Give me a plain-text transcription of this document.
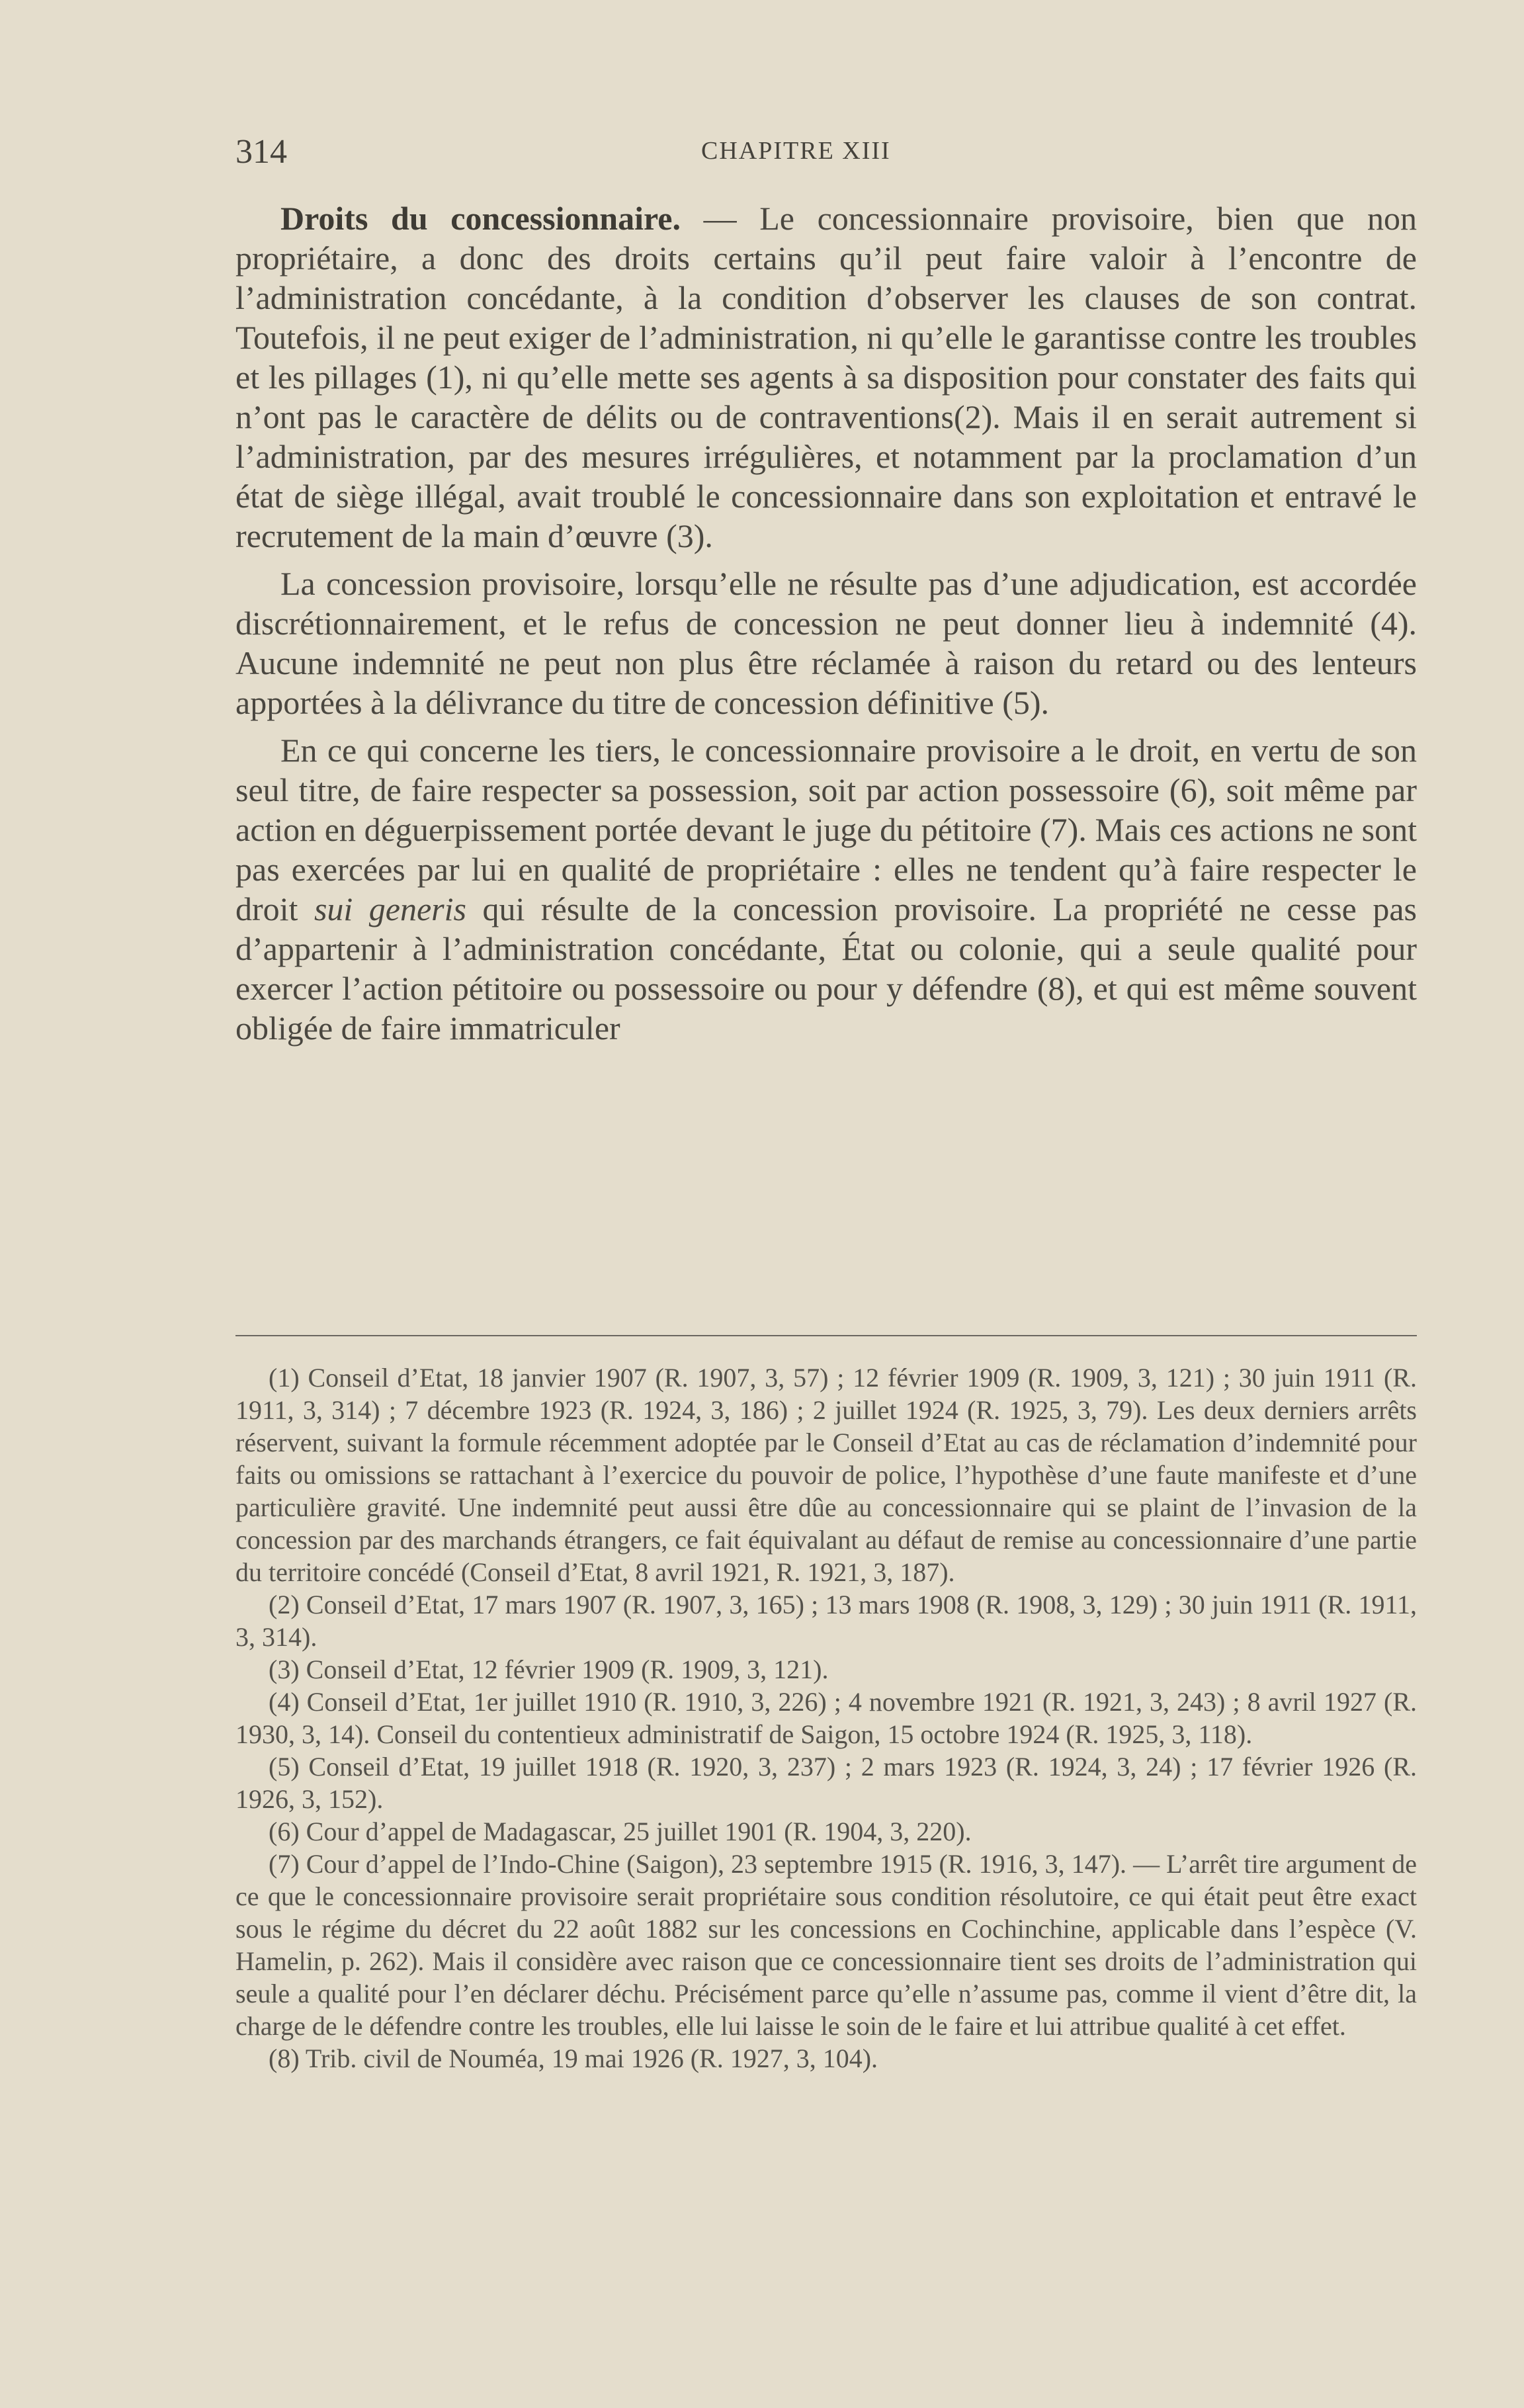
314	CHAPITRE XIII

Droits du concessionnaire. — Le concessionnaire provisoire, bien que non propriétaire, a donc des droits certains qu’il peut faire valoir à l’encontre de l’administration concédante, à la condition d’observer les clauses de son contrat. Toutefois, il ne peut exiger de l’administration, ni qu’elle le garantisse contre les troubles et les pillages (1), ni qu’elle mette ses agents à sa disposition pour constater des faits qui n’ont pas le caractère de délits ou de contraventions(2). Mais il en serait autrement si l’administration, par des mesures irrégulières, et notamment par la proclamation d’un état de siège illégal, avait troublé le concessionnaire dans son exploitation et entravé le recrutement de la main d’œuvre (3).

La concession provisoire, lorsqu’elle ne résulte pas d’une adjudication, est accordée discrétionnairement, et le refus de concession ne peut donner lieu à indemnité (4). Aucune indemnité ne peut non plus être réclamée à raison du retard ou des lenteurs apportées à la délivrance du titre de concession définitive (5).

En ce qui concerne les tiers, le concessionnaire provisoire a le droit, en vertu de son seul titre, de faire respecter sa possession, soit par action possessoire (6), soit même par action en déguerpissement portée devant le juge du pétitoire (7). Mais ces actions ne sont pas exercées par lui en qualité de propriétaire : elles ne tendent qu’à faire respecter le droit sui generis qui résulte de la concession provisoire. La propriété ne cesse pas d’appartenir à l’administration concédante, État ou colonie, qui a seule qualité pour exercer l’action pétitoire ou possessoire ou pour y défendre (8), et qui est même souvent obligée de faire immatriculer

(1) Conseil d’Etat, 18 janvier 1907 (R. 1907, 3, 57) ; 12 février 1909 (R. 1909, 3, 121) ; 30 juin 1911 (R. 1911, 3, 314) ; 7 décembre 1923 (R. 1924, 3, 186) ; 2 juillet 1924 (R. 1925, 3, 79). Les deux derniers arrêts réservent, suivant la formule récemment adoptée par le Conseil d’Etat au cas de réclamation d’indemnité pour faits ou omissions se rattachant à l’exercice du pouvoir de police, l’hypothèse d’une faute manifeste et d’une particulière gravité. Une indemnité peut aussi être dûe au concessionnaire qui se plaint de l’invasion de la concession par des marchands étrangers, ce fait équivalant au défaut de remise au concessionnaire d’une partie du territoire concédé (Conseil d’Etat, 8 avril 1921, R. 1921, 3, 187).

(2) Conseil d’Etat, 17 mars 1907 (R. 1907, 3, 165) ; 13 mars 1908 (R. 1908, 3, 129) ; 30 juin 1911 (R. 1911, 3, 314).

(3) Conseil d’Etat, 12 février 1909 (R. 1909, 3, 121).

(4) Conseil d’Etat, 1er juillet 1910 (R. 1910, 3, 226) ; 4 novembre 1921 (R. 1921, 3, 243) ; 8 avril 1927 (R. 1930, 3, 14). Conseil du contentieux administratif de Saigon, 15 octobre 1924 (R. 1925, 3, 118).

(5) Conseil d’Etat, 19 juillet 1918 (R. 1920, 3, 237) ; 2 mars 1923 (R. 1924, 3, 24) ; 17 février 1926 (R. 1926, 3, 152).

(6) Cour d’appel de Madagascar, 25 juillet 1901 (R. 1904, 3, 220).

(7) Cour d’appel de l’Indo-Chine (Saigon), 23 septembre 1915 (R. 1916, 3, 147). — L’arrêt tire argument de ce que le concessionnaire provisoire serait propriétaire sous condition résolutoire, ce qui était peut être exact sous le régime du décret du 22 août 1882 sur les concessions en Cochinchine, applicable dans l’espèce (V. Hamelin, p. 262). Mais il considère avec raison que ce concessionnaire tient ses droits de l’administration qui seule a qualité pour l’en déclarer déchu. Précisément parce qu’elle n’assume pas, comme il vient d’être dit, la charge de le défendre contre les troubles, elle lui laisse le soin de le faire et lui attribue qualité à cet effet.

(8) Trib. civil de Nouméa, 19 mai 1926 (R. 1927, 3, 104).
